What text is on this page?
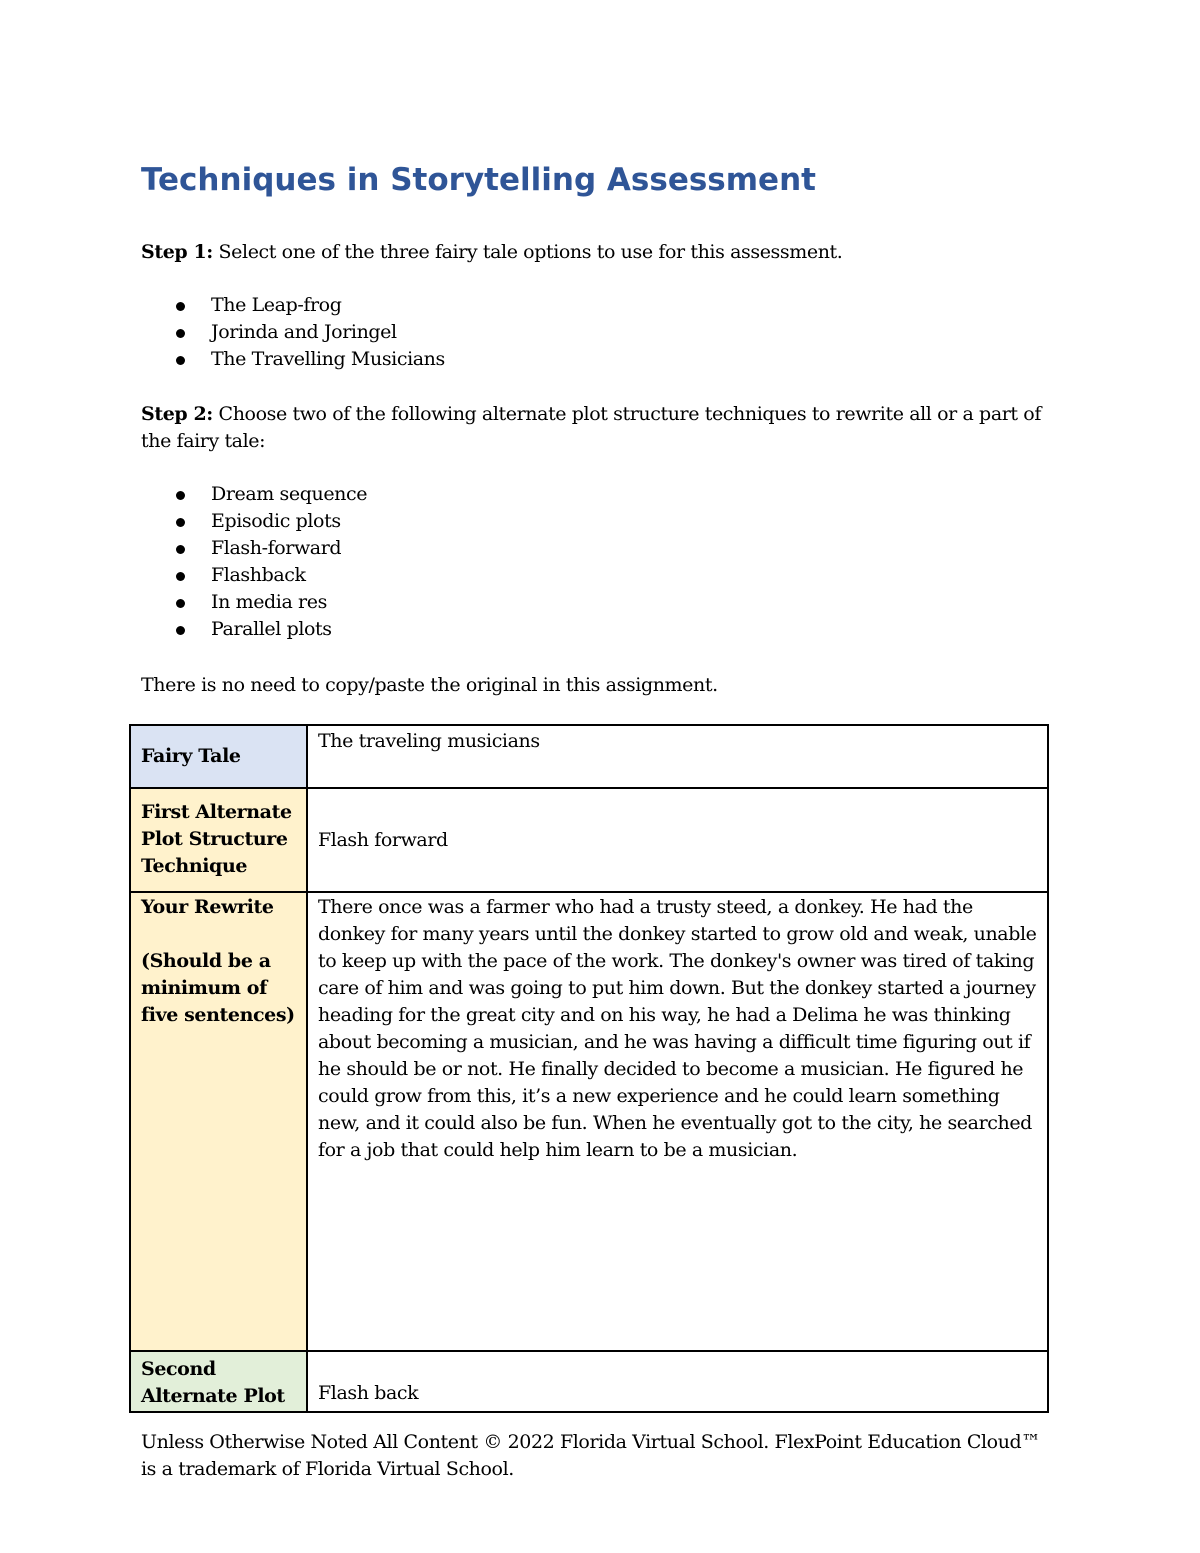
Techniques in Storytelling Assessment

Step 1: Select one of the three fairy tale options to use for this assessment.

The Leap-frog
Jorinda and Joringel
The Travelling Musicians

Step 2: Choose two of the following alternate plot structure techniques to rewrite all or a part of the fairy tale:

Dream sequence
Episodic plots
Flash-forward
Flashback
In media res
Parallel plots

There is no need to copy/paste the original in this assignment.

Fairy Tale	The traveling musicians
First Alternate Plot Structure Technique	Flash forward

Your Rewrite
(Should be a minimum of five sentences)	There once was a farmer who had a trusty steed, a donkey. He had the donkey for many years until the donkey started to grow old and weak, unable to keep up with the pace of the work. The donkey's owner was tired of taking care of him and was going to put him down. But the donkey started a journey heading for the great city and on his way, he had a Delima he was thinking about becoming a musician, and he was having a difficult time figuring out if he should be or not. He finally decided to become a musician. He figured he could grow from this, it’s a new experience and he could learn something new, and it could also be fun. When he eventually got to the city, he searched for a job that could help him learn to be a musician.
Second Alternate Plot	Flash back

Unless Otherwise Noted All Content © 2022 Florida Virtual School. FlexPoint Education Cloud™ is a trademark of Florida Virtual School.
